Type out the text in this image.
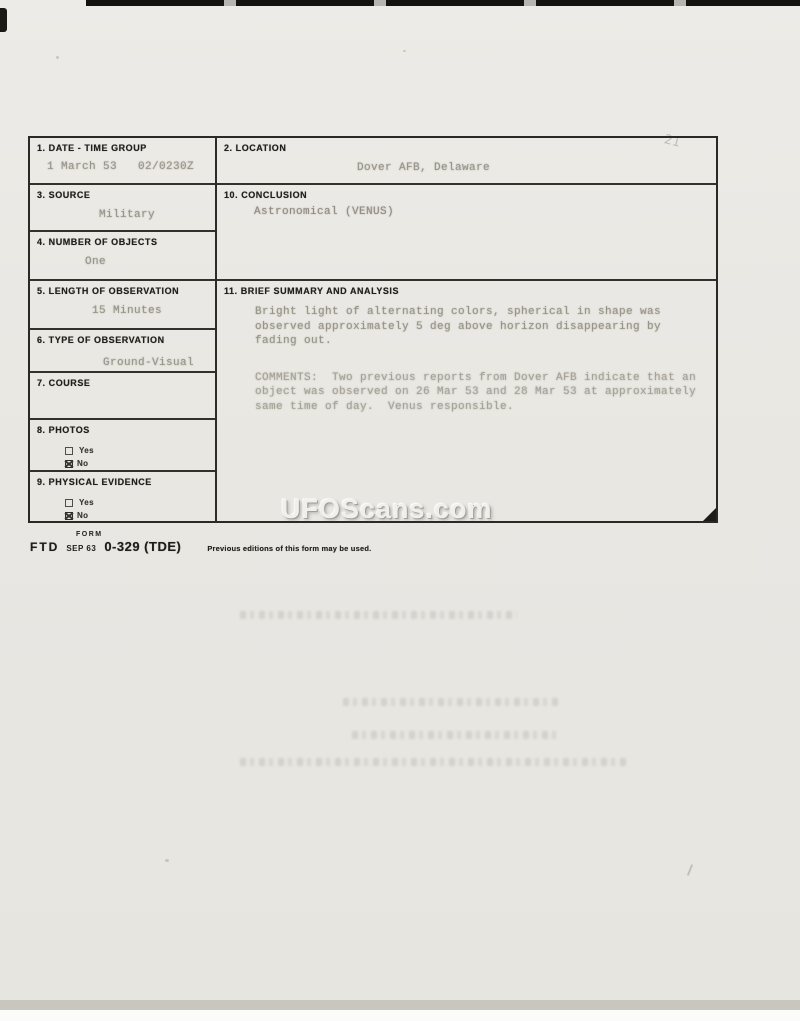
21
1. DATE - TIME GROUP
1 March 53   02/0230Z
3. SOURCE
Military
4. NUMBER OF OBJECTS
One
5. LENGTH OF OBSERVATION
15 Minutes
6. TYPE OF OBSERVATION
Ground-Visual
7. COURSE
8. PHOTOS
Yes
No
9. PHYSICAL EVIDENCE
Yes
No
2. LOCATION
Dover AFB, Delaware
10. CONCLUSION
Astronomical (VENUS)
11. BRIEF SUMMARY AND ANALYSIS
Bright light of alternating colors, spherical in shape was
observed approximately 5 deg above horizon disappearing by
fading out.
COMMENTS:  Two previous reports from Dover AFB indicate that an
object was observed on 26 Mar 53 and 28 Mar 53 at approximately
same time of day.  Venus responsible.
UFOScans.com
FORM
FTD SEP 63 0-329 (TDE)	Previous editions of this form may be used.
